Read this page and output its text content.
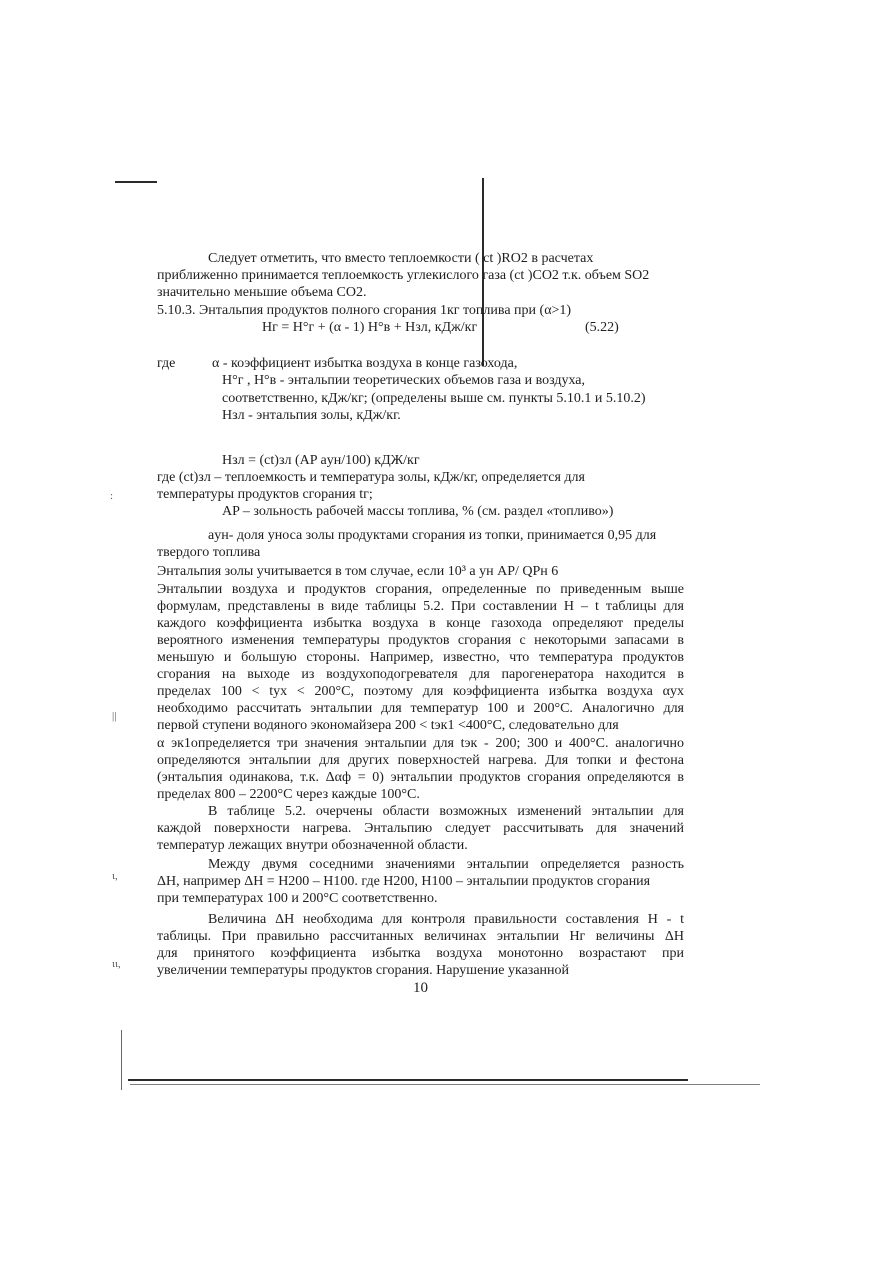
:
||
ι,
ιι,
Следует отметить, что вместо теплоемкости ( ct )RO2 в расчетах
приближенно принимается теплоемкость углекислого газа (ct )CO2 т.к. объем SO2
значительно меньшие объема CO2.
5.10.3. Энтальпия продуктов полного сгорания 1кг топлива при (α>1)
Hг = H°г + (α - 1) H°в + Hзл, кДж/кг	(5.22)
где	α - коэффициент избытка воздуха в конце газохода,
H°г , H°в - энтальпии теоретических объемов газа и воздуха,
соответственно, кДж/кг; (определены выше см. пункты 5.10.1 и 5.10.2)
Hзл - энтальпия золы, кДж/кг.
Hзл = (ct)зл (AP aун/100) кДЖ/кг
где (ct)зл – теплоемкость и температура золы, кДж/кг, определяется для
температуры продуктов сгорания tг;
AP – зольность рабочей массы топлива, % (см. раздел «топливо»)
aун- доля уноса золы продуктами сгорания из топки, принимается 0,95 для
твердого топлива
Энтальпия золы учитывается в том случае, если 10³ a ун AP/ QPн 6
Энтальпии воздуха и продуктов сгорания, определенные по приведенным выше
формулам, представлены в виде таблицы 5.2. При составлении H – t таблицы для
каждого коэффициента избытка воздуха в конце газохода определяют пределы
вероятного изменения температуры продуктов сгорания с некоторыми запасами в
меньшую и большую стороны. Например, известно, что температура продуктов
сгорания на выходе из воздухоподогревателя для парогенератора находится в
пределах 100 < tух < 200°C, поэтому для коэффициента избытка воздуха αух
необходимо рассчитать энтальпии для температур 100 и 200°C. Аналогично для
первой ступени водяного экономайзера 200 < tэк1 <400°C, следовательно для
α эк1определяется три значения энтальпии для tэк - 200; 300 и 400°C. аналогично
определяются энтальпии для других поверхностей нагрева. Для топки и фестона
(энтальпия одинакова, т.к. Δαф = 0) энтальпии продуктов сгорания определяются в
пределах 800 – 2200°C через каждые 100°C.
В таблице 5.2. очерчены области возможных изменений энтальпии для
каждой поверхности нагрева. Энтальпию следует рассчитывать для значений
температур лежащих внутри обозначенной области.
Между двумя соседними значениями энтальпии определяется разность
ΔH, например ΔH = H200 – H100. где H200, H100 – энтальпии продуктов сгорания
при температурах 100 и 200°C соответственно.
Величина ΔH необходима для контроля правильности составления H - t
таблицы. При правильно рассчитанных величинах энтальпии Hг величины ΔH
для принятого коэффициента избытка воздуха монотонно возрастают при
увеличении температуры продуктов сгорания. Нарушение указанной
10
